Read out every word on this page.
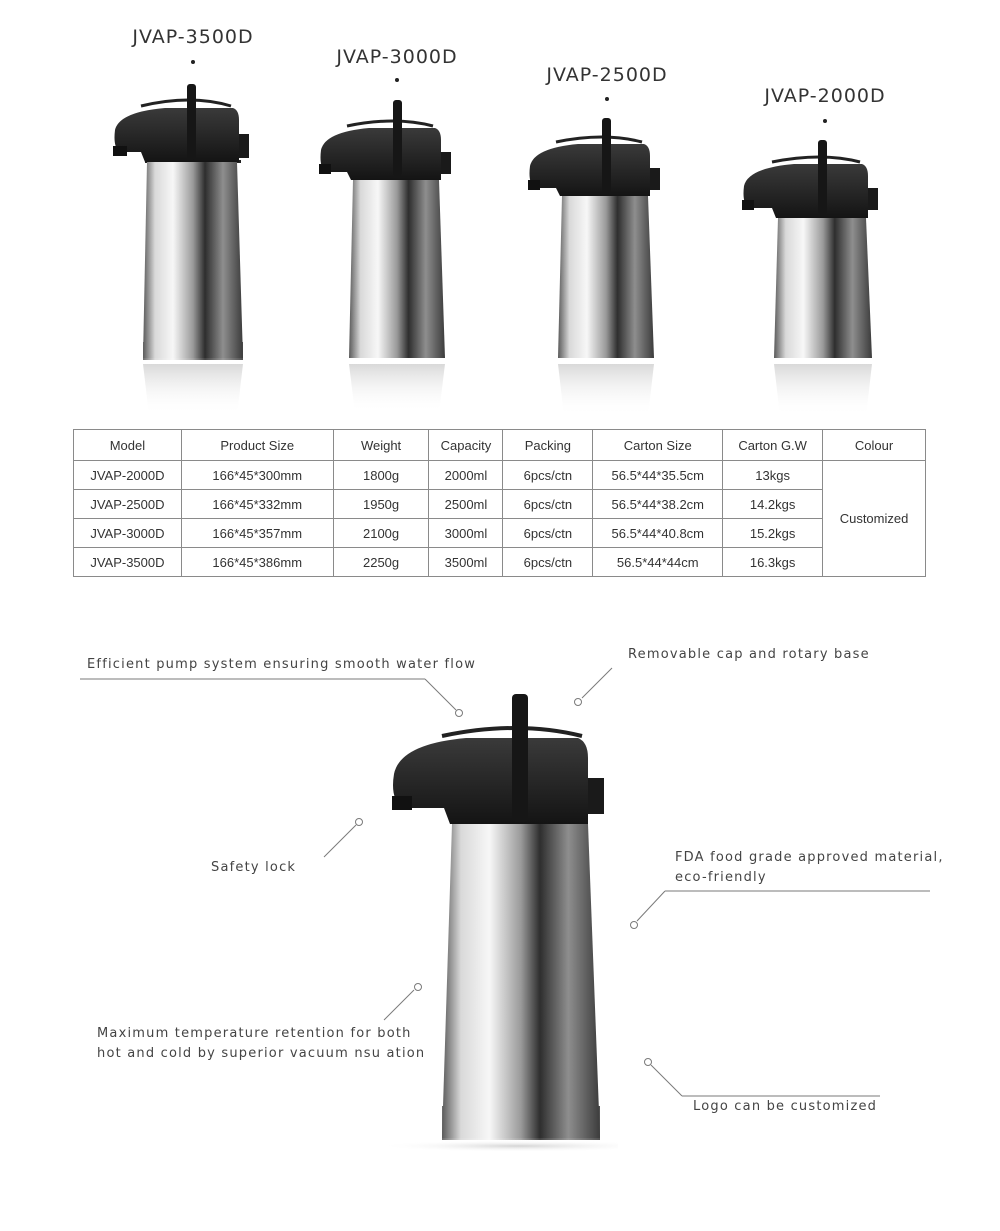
JVAP-3500D
JVAP-3000D
JVAP-2500D
JVAP-2000D
Model	Product Size	Weight	Capacity	Packing	Carton Size	Carton G.W	Colour
JVAP-2000D	166*45*300mm	1800g	2000ml	6pcs/ctn	56.5*44*35.5cm	13kgs	Customized
JVAP-2500D	166*45*332mm	1950g	2500ml	6pcs/ctn	56.5*44*38.2cm	14.2kgs	
JVAP-3000D	166*45*357mm	2100g	3000ml	6pcs/ctn	56.5*44*40.8cm	15.2kgs	
JVAP-3500D	166*45*386mm	2250g	3500ml	6pcs/ctn	56.5*44*44cm	16.3kgs	
Efficient pump system ensuring smooth water flow
Removable cap and rotary base
Safety lock
FDA food grade approved material,
eco-friendly
Maximum temperature retention for both
hot and cold by superior vacuum nsu ation
Logo can be customized
